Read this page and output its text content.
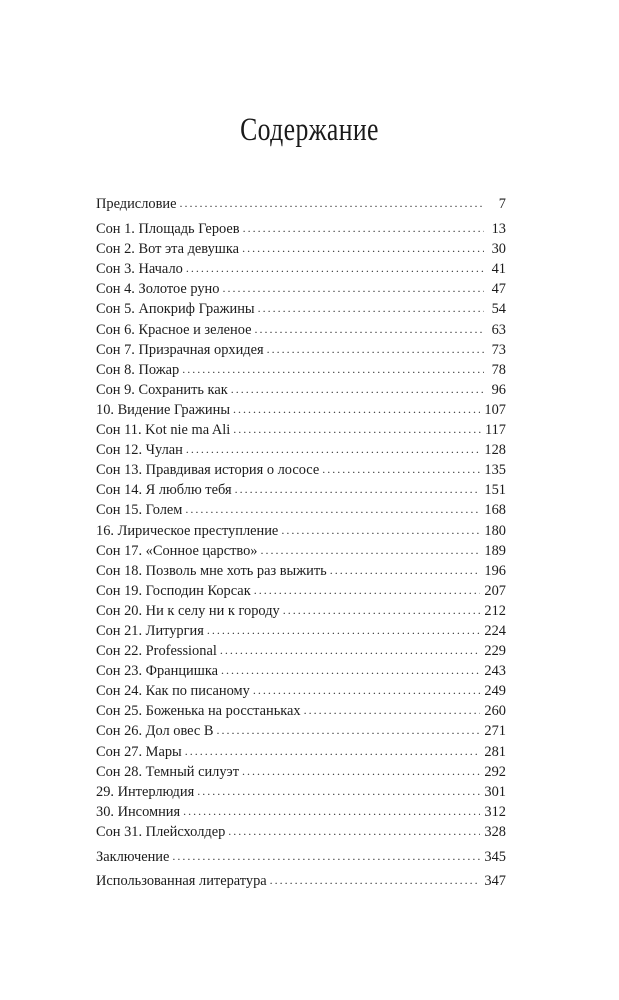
Содержание
Предисловие . . .	7
Сон 1. Площадь Героев . . .	13
Сон 2. Вот эта девушка . . .	30
Сон 3. Начало . . .	41
Сон 4. Золотое руно . . .	47
Сон 5. Апокриф Гражины . . .	54
Сон 6. Красное и зеленое . . .	63
Сон 7. Призрачная орхидея . . .	73
Сон 8. Пожар . . .	78
Сон 9. Сохранить как . . .	96
10. Видение Гражины . . .	107
Сон 11. Kot nie ma Ali . . .	117
Сон 12. Чулан . . .	128
Сон 13. Правдивая история о лососе . . .	135
Сон 14. Я люблю тебя . . .	151
Сон 15. Голем . . .	168
16. Лирическое преступление . . .	180
Сон 17. «Сонное царство» . . .	189
Сон 18. Позволь мне хоть раз выжить . . .	196
Сон 19. Господин Корсак . . .	207
Сон 20. Ни к селу ни к городу . . .	212
Сон 21. Литургия . . .	224
Сон 22. Professional . . .	229
Сон 23. Францишка . . .	243
Сон 24. Как по писаному . . .	249
Сон 25. Боженька на росстаньках . . .	260
Сон 26. Дол овес В . . .	271
Сон 27. Мары . . .	281
Сон 28. Темный силуэт . . .	292
29. Интерлюдия . . .	301
30. Инсомния . . .	312
Сон 31. Плейсхолдер . . .	328
Заключение . . .	345
Использованная литература . . .	347
